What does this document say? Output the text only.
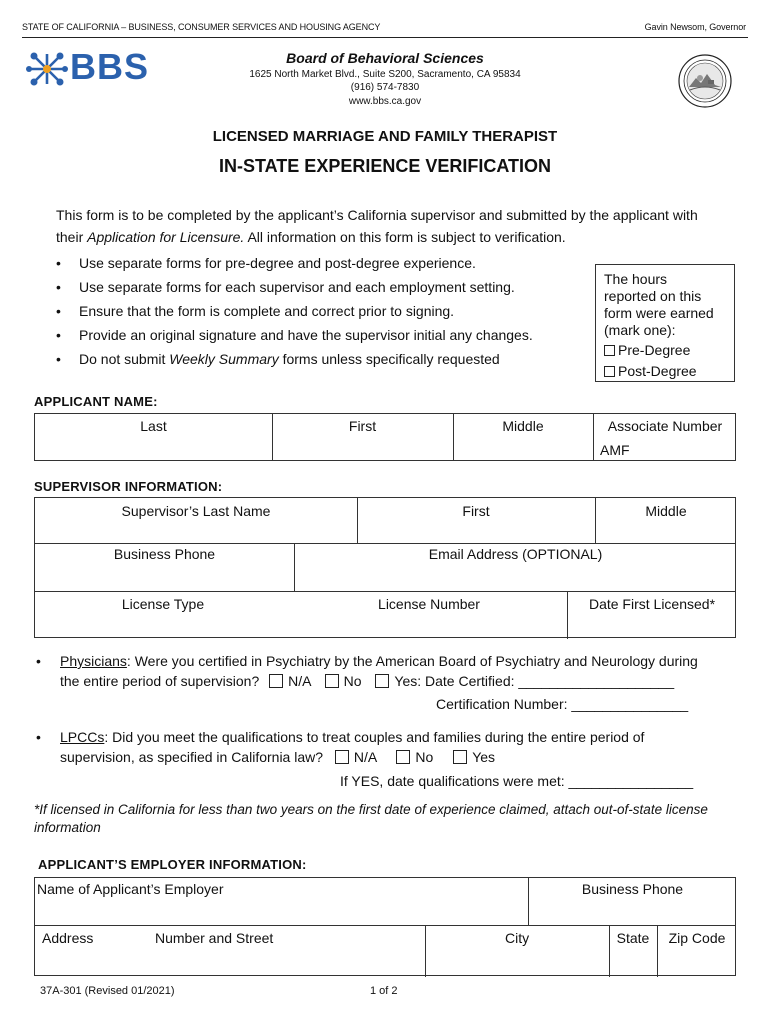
STATE OF CALIFORNIA – BUSINESS, CONSUMER SERVICES AND HOUSING AGENCY	Gavin Newsom, Governor
BBS	Board of Behavioral Sciences
1625 North Market Blvd., Suite S200, Sacramento, CA 95834
(916) 574-7830
www.bbs.ca.gov
LICENSED MARRIAGE AND FAMILY THERAPIST
IN-STATE EXPERIENCE VERIFICATION
This form is to be completed by the applicant’s California supervisor and submitted by the applicant with their Application for Licensure. All information on this form is subject to verification.
• Use separate forms for pre-degree and post-degree experience.
• Use separate forms for each supervisor and each employment setting.
• Ensure that the form is complete and correct prior to signing.
• Provide an original signature and have the supervisor initial any changes.
• Do not submit Weekly Summary forms unless specifically requested
The hours
reported on this
form were earned
(mark one):
Pre-Degree
Post-Degree
APPLICANT NAME:
Last	First	Middle	Associate Number
AMF
SUPERVISOR INFORMATION:
Supervisor’s Last Name	First	Middle
Business Phone	Email Address (OPTIONAL)
License Type	License Number	Date First Licensed*
• Physicians: Were you certified in Psychiatry by the American Board of Psychiatry and Neurology during
the entire period of supervision? N/A No Yes: Date Certified: ____________________
Certification Number: _______________
• LPCCs: Did you meet the qualifications to treat couples and families during the entire period of
supervision, as specified in California law? N/A	No	Yes
If YES, date qualifications were met: ________________
*If licensed in California for less than two years on the first date of experience claimed, attach out-of-state license information
APPLICANT’S EMPLOYER INFORMATION:
Name of Applicant’s Employer	Business Phone
Address	Number and Street	City	State	Zip Code
37A-301 (Revised 01/2021)	1 of 2
